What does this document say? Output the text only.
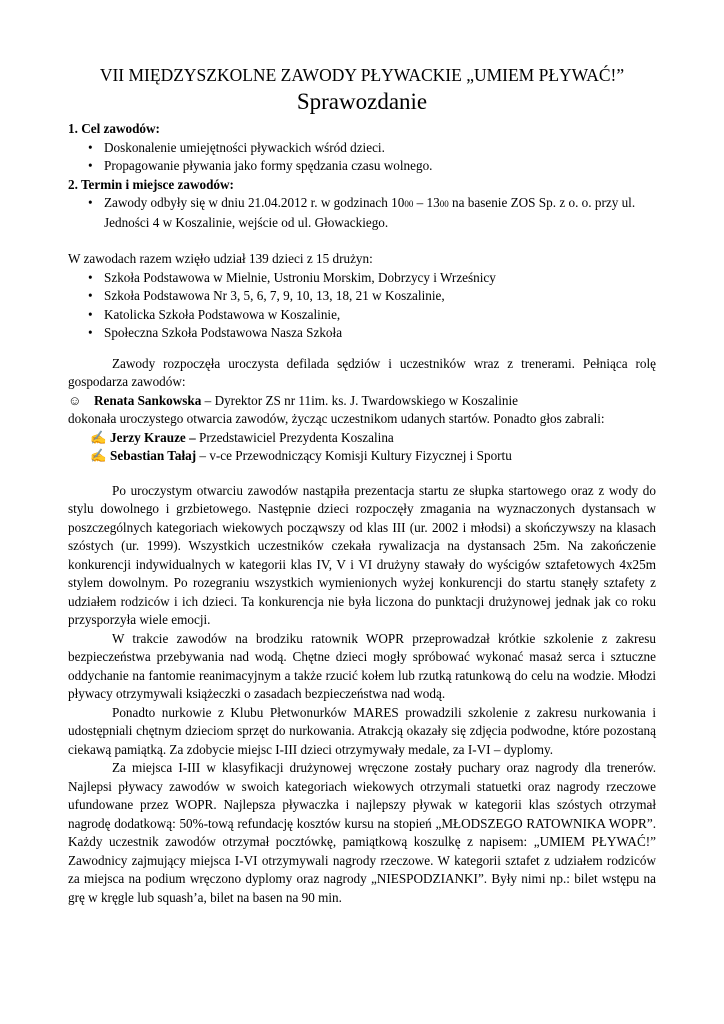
VII MIĘDZYSZKOLNE ZAWODY PŁYWACKIE „UMIEM PŁYWAĆ!”
Sprawozdanie
1. Cel zawodów:
• Doskonalenie umiejętności pływackich wśród dzieci.
• Propagowanie pływania jako formy spędzania czasu wolnego.
2. Termin i miejsce zawodów:
• Zawody odbyły się w dniu 21.04.2012 r. w godzinach 1000 – 1300 na basenie ZOS Sp. z o. o. przy ul. Jedności 4 w Koszalinie, wejście od ul. Głowackiego.
W zawodach razem wzięło udział 139 dzieci z 15 drużyn:
• Szkoła Podstawowa w Mielnie, Ustroniu Morskim, Dobrzycy i Wrześnicy
• Szkoła Podstawowa Nr 3, 5, 6, 7, 9, 10, 13, 18, 21 w Koszalinie,
• Katolicka Szkoła Podstawowa w Koszalinie,
• Społeczna Szkoła Podstawowa Nasza Szkoła

Zawody rozpoczęła uroczysta defilada sędziów i uczestników wraz z trenerami. Pełniąca rolę gospodarza zawodów:

☺ Renata Sankowska – Dyrektor ZS nr 11im. ks. J. Twardowskiego w Koszalinie

dokonała uroczystego otwarcia zawodów, życząc uczestnikom udanych startów. Ponadto głos zabrali:

✍ Jerzy Krauze – Przedstawiciel Prezydenta Koszalina
✍ Sebastian Tałaj – v-ce Przewodniczący Komisji Kultury Fizycznej i Sportu

Po uroczystym otwarciu zawodów nastąpiła prezentacja startu ze słupka startowego oraz z wody do stylu dowolnego i grzbietowego. Następnie dzieci rozpoczęły zmagania na wyznaczonych dystansach w poszczególnych kategoriach wiekowych począwszy od klas III (ur. 2002 i młodsi) a skończywszy na klasach szóstych (ur. 1999). Wszystkich uczestników czekała rywalizacja na dystansach 25m. Na zakończenie konkurencji indywidualnych w kategorii klas IV, V i VI drużyny stawały do wyścigów sztafetowych 4x25m stylem dowolnym. Po rozegraniu wszystkich wymienionych wyżej konkurencji do startu stanęły sztafety z udziałem rodziców i ich dzieci. Ta konkurencja nie była liczona do punktacji drużynowej jednak jak co roku przysporzyła wiele emocji.

W trakcie zawodów na brodziku ratownik WOPR przeprowadzał krótkie szkolenie z zakresu bezpieczeństwa przebywania nad wodą. Chętne dzieci mogły spróbować wykonać masaż serca i sztuczne oddychanie na fantomie reanimacyjnym a także rzucić kołem lub rzutką ratunkową do celu na wodzie. Młodzi pływacy otrzymywali książeczki o zasadach bezpieczeństwa nad wodą.

Ponadto nurkowie z Klubu Płetwonurków MARES prowadzili szkolenie z zakresu nurkowania i udostępniali chętnym dzieciom sprzęt do nurkowania. Atrakcją okazały się zdjęcia podwodne, które pozostaną ciekawą pamiątką. Za zdobycie miejsc I-III dzieci otrzymywały medale, za I-VI – dyplomy.

Za miejsca I-III w klasyfikacji drużynowej wręczone zostały puchary oraz nagrody dla trenerów. Najlepsi pływacy zawodów w swoich kategoriach wiekowych otrzymali statuetki oraz nagrody rzeczowe ufundowane przez WOPR. Najlepsza pływaczka i najlepszy pływak w kategorii klas szóstych otrzymał nagrodę dodatkową: 50%-tową refundację kosztów kursu na stopień „MŁODSZEGO RATOWNIKA WOPR”. Każdy uczestnik zawodów otrzymał pocztówkę, pamiątkową koszulkę z napisem: „UMIEM PŁYWAĆ!” Zawodnicy zajmujący miejsca I-VI otrzymywali nagrody rzeczowe. W kategorii sztafet z udziałem rodziców za miejsca na podium wręczono dyplomy oraz nagrody „NIESPODZIANKI”. Były nimi np.: bilet wstępu na grę w kręgle lub squash’a, bilet na basen na 90 min.
